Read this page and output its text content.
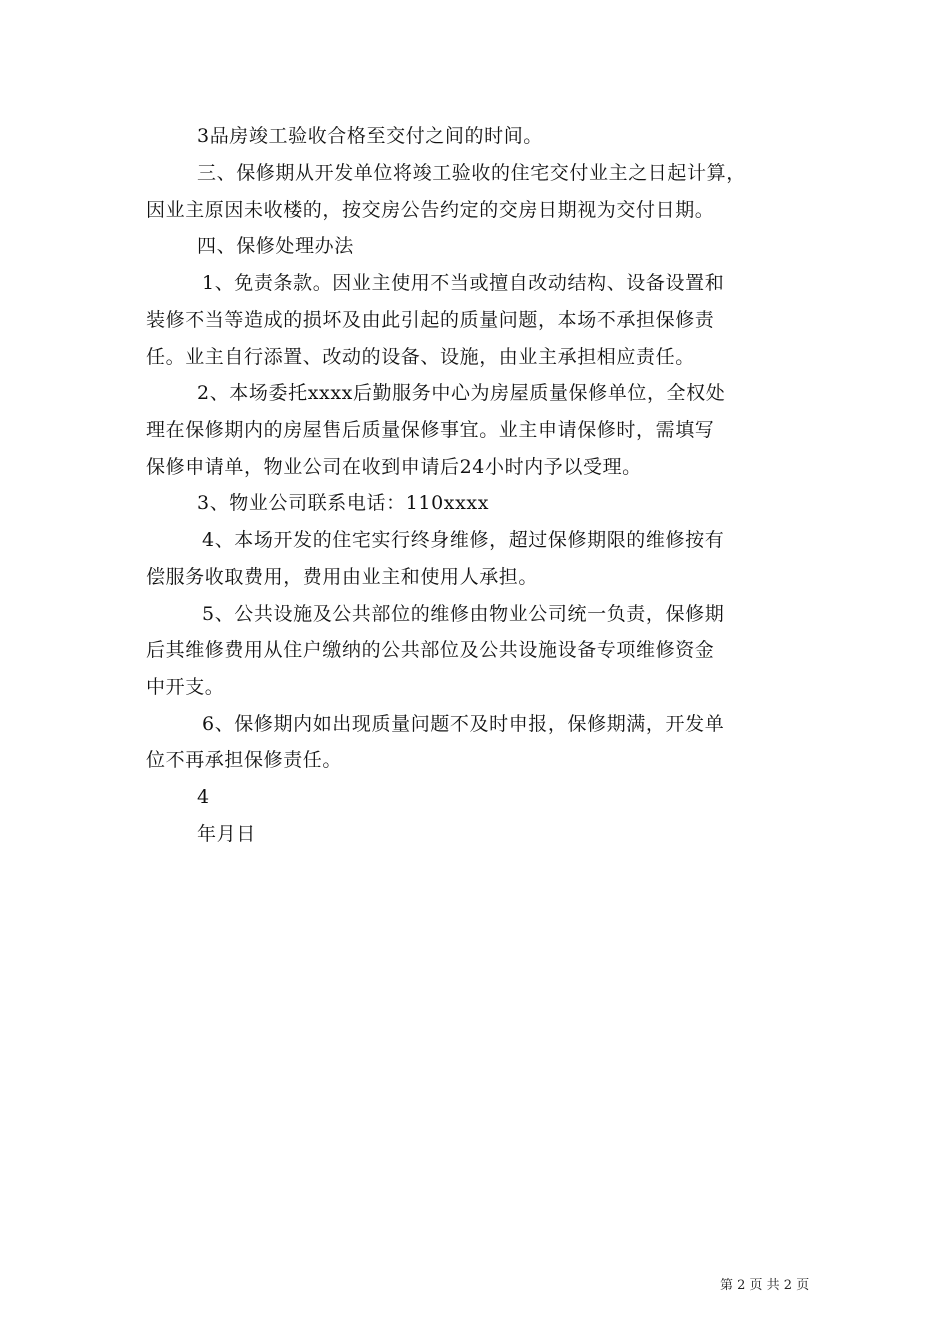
3品房竣工验收合格至交付之间的时间。
三、保修期从开发单位将竣工验收的住宅交付业主之日起计算，
因业主原因未收楼的，按交房公告约定的交房日期视为交付日期。
四、保修处理办法
1、免责条款。因业主使用不当或擅自改动结构、设备设置和
装修不当等造成的损坏及由此引起的质量问题，本场不承担保修责
任。业主自行添置、改动的设备、设施，由业主承担相应责任。
2、本场委托xxxx后勤服务中心为房屋质量保修单位，全权处
理在保修期内的房屋售后质量保修事宜。业主申请保修时，需填写
保修申请单，物业公司在收到申请后24小时内予以受理。
3、物业公司联系电话：110xxxx
4、本场开发的住宅实行终身维修，超过保修期限的维修按有
偿服务收取费用，费用由业主和使用人承担。
5、公共设施及公共部位的维修由物业公司统一负责，保修期
后其维修费用从住户缴纳的公共部位及公共设施设备专项维修资金
中开支。
6、保修期内如出现质量问题不及时申报，保修期满，开发单
位不再承担保修责任。
4
年月日
第 2 页 共 2 页
